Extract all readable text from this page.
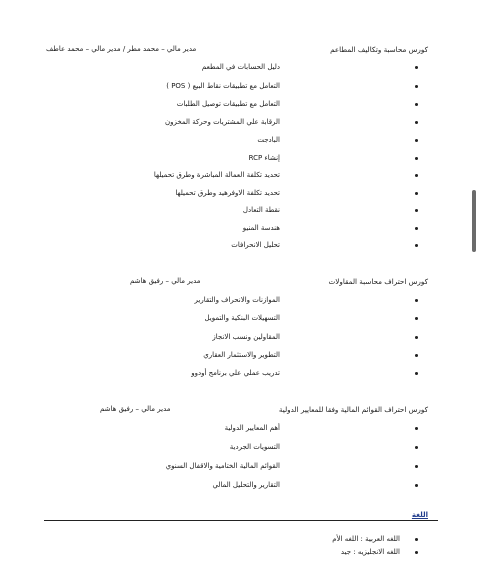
كورس محاسبة وتكاليف المطاعم
مدير مالي – محمد مطر / مدير مالي – محمد عاطف
دليل الحسابات في المطعم
التعامل مع تطبيقات نقاط البيع ( POS )
التعامل مع تطبيقات توصيل الطلبات
الرقابة علي المشتريات وحركة المخزون
البادجت
إنشاء RCP
تحديد تكلفة العمالة المباشرة وطرق تحميلها
تحديد تكلفة الاوفرهيد وطرق تحميلها
نقطة التعادل
هندسة المنيو
تحليل الانحرافات
كورس احتراف محاسبة المقاولات
مدير مالي – رفيق هاشم
الموازنات والانحراف والتقارير
التسهيلات البنكية والتمويل
المقاولين ونسب الانجاز
التطوير والاستثمار العقاري
تدريب عملي علي برنامج أودوو
كورس احتراف القوائم المالية وفقا للمعايير الدولية
مدير مالي – رفيق هاشم
أهم المعايير الدولية
التسويات الجردية
القوائم المالية الختامية والاقفال السنوي
التقارير والتحليل المالي
اللغة
اللغه العربية : اللغه الأم
اللغه الانجليزيه : جيد
